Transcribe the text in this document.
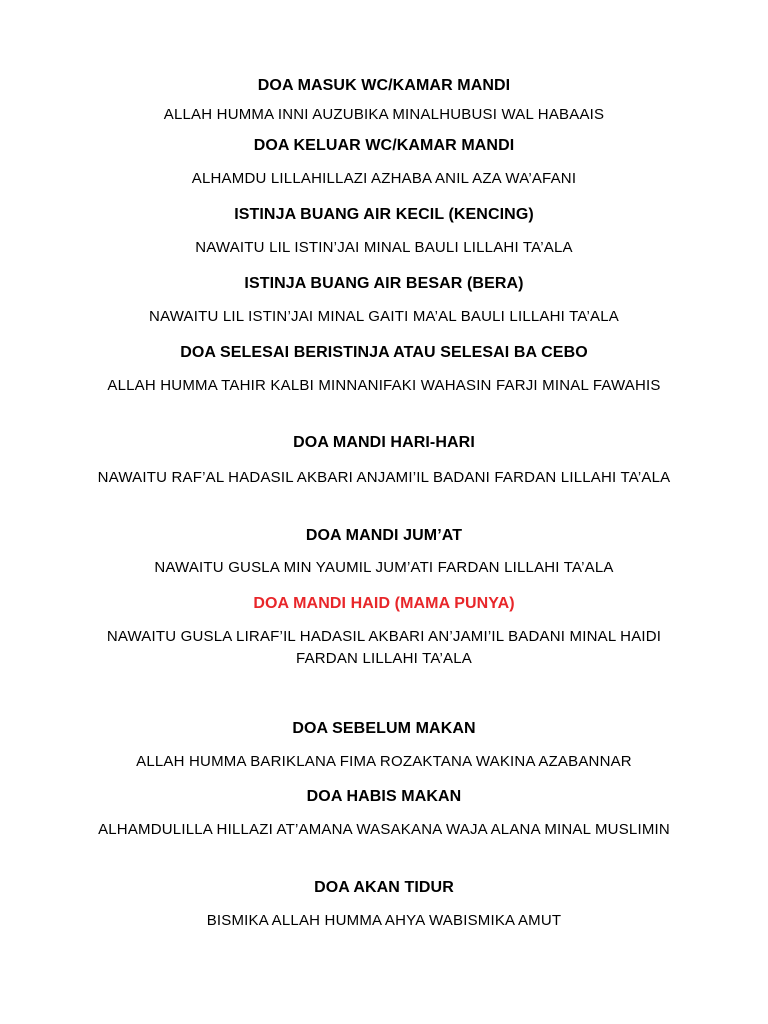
DOA MASUK WC/KAMAR MANDI

ALLAH HUMMA INNI AUZUBIKA MINALHUBUSI WAL HABAAIS

DOA KELUAR WC/KAMAR MANDI

ALHAMDU LILLAHILLAZI AZHABA ANIL AZA WA’AFANI

ISTINJA BUANG AIR KECIL (KENCING)

NAWAITU LIL ISTIN’JAI MINAL BAULI LILLAHI TA’ALA

ISTINJA BUANG AIR BESAR (BERA)

NAWAITU LIL ISTIN’JAI MINAL GAITI MA’AL BAULI LILLAHI TA’ALA

DOA SELESAI BERISTINJA ATAU SELESAI BA CEBO

ALLAH HUMMA TAHIR KALBI MINNANIFAKI WAHASIN FARJI MINAL FAWAHIS

DOA MANDI HARI-HARI

NAWAITU RAF’AL HADASIL AKBARI ANJAMI’IL BADANI FARDAN LILLAHI TA’ALA

DOA MANDI JUM’AT

NAWAITU GUSLA MIN YAUMIL JUM’ATI FARDAN LILLAHI TA’ALA

DOA MANDI HAID (MAMA PUNYA)

NAWAITU GUSLA LIRAF’IL HADASIL AKBARI AN’JAMI’IL BADANI MINAL HAIDI FARDAN LILLAHI TA’ALA

DOA SEBELUM MAKAN

ALLAH HUMMA BARIKLANA FIMA ROZAKTANA WAKINA AZABANNAR

DOA HABIS MAKAN

ALHAMDULILLA HILLAZI AT’AMANA WASAKANA WAJA ALANA MINAL MUSLIMIN

DOA AKAN TIDUR

BISMIKA ALLAH HUMMA AHYA WABISMIKA AMUT
